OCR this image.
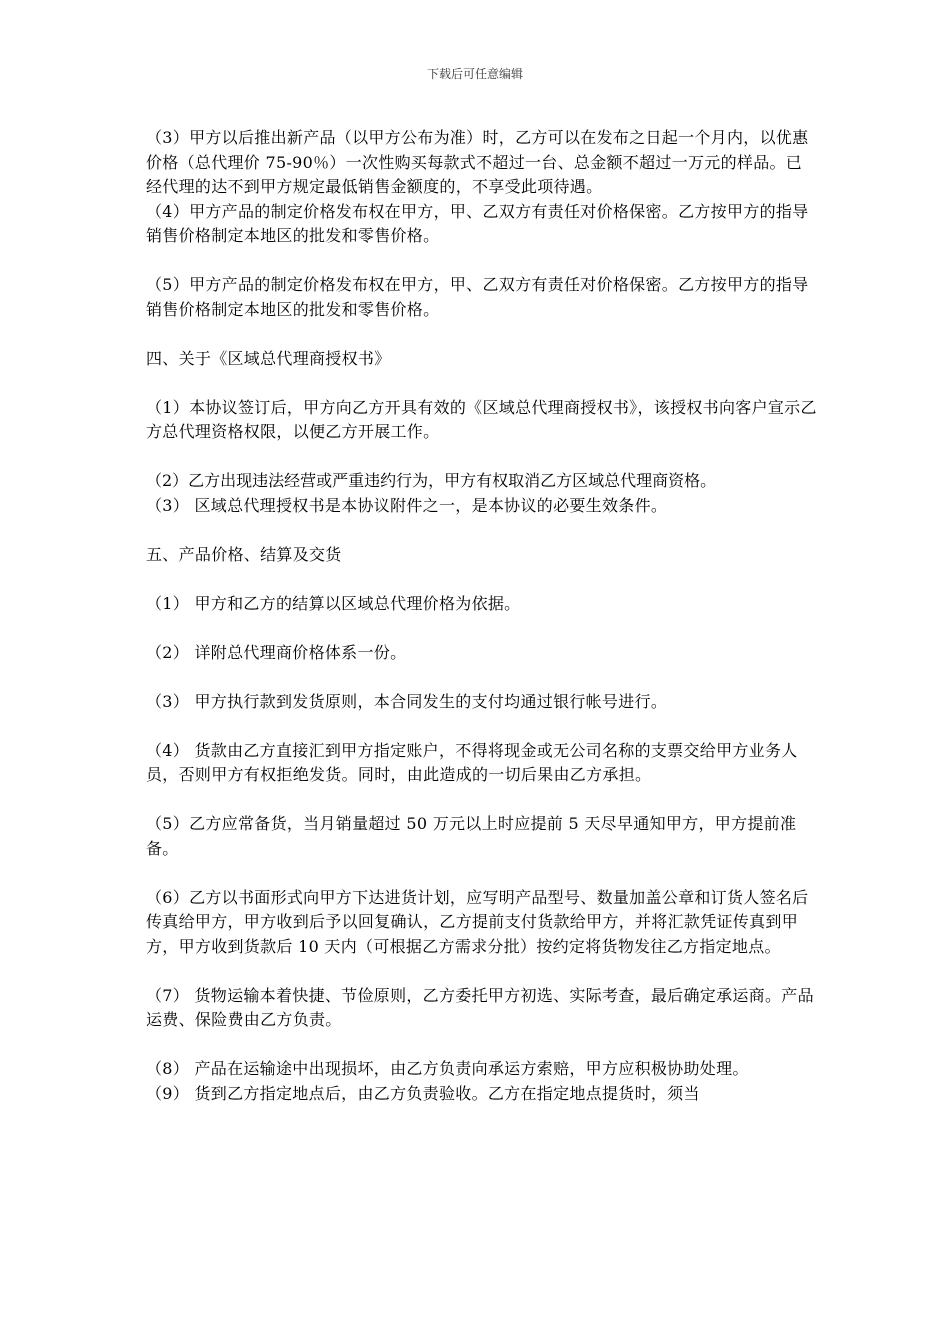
下载后可任意编辑

（3）甲方以后推出新产品（以甲方公布为准）时，乙方可以在发布之日起一个月内，以优惠价格（总代理价 75-90％）一次性购买每款式不超过一台、总金额不超过一万元的样品。已经代理的达不到甲方规定最低销售金额度的，不享受此项待遇。

（4）甲方产品的制定价格发布权在甲方，甲、乙双方有责任对价格保密。乙方按甲方的指导销售价格制定本地区的批发和零售价格。

（5）甲方产品的制定价格发布权在甲方，甲、乙双方有责任对价格保密。乙方按甲方的指导销售价格制定本地区的批发和零售价格。

四、关于《区域总代理商授权书》

（1）本协议签订后，甲方向乙方开具有效的《区域总代理商授权书》，该授权书向客户宣示乙方总代理资格权限，以便乙方开展工作。

（2）乙方出现违法经营或严重违约行为，甲方有权取消乙方区域总代理商资格。

（3） 区域总代理授权书是本协议附件之一，是本协议的必要生效条件。

五、产品价格、结算及交货

（1） 甲方和乙方的结算以区域总代理价格为依据。

（2） 详附总代理商价格体系一份。

（3） 甲方执行款到发货原则，本合同发生的支付均通过银行帐号进行。

（4） 货款由乙方直接汇到甲方指定账户，不得将现金或无公司名称的支票交给甲方业务人员，否则甲方有权拒绝发货。同时，由此造成的一切后果由乙方承担。

（5）乙方应常备货，当月销量超过 50 万元以上时应提前 5 天尽早通知甲方，甲方提前准备。

（6）乙方以书面形式向甲方下达进货计划，应写明产品型号、数量加盖公章和订货人签名后传真给甲方，甲方收到后予以回复确认，乙方提前支付货款给甲方，并将汇款凭证传真到甲方，甲方收到货款后 10 天内（可根据乙方需求分批）按约定将货物发往乙方指定地点。

（7） 货物运输本着快捷、节俭原则，乙方委托甲方初选、实际考查，最后确定承运商。产品运费、保险费由乙方负责。

（8） 产品在运输途中出现损坏，由乙方负责向承运方索赔，甲方应积极协助处理。

（9） 货到乙方指定地点后，由乙方负责验收。乙方在指定地点提货时，须当
